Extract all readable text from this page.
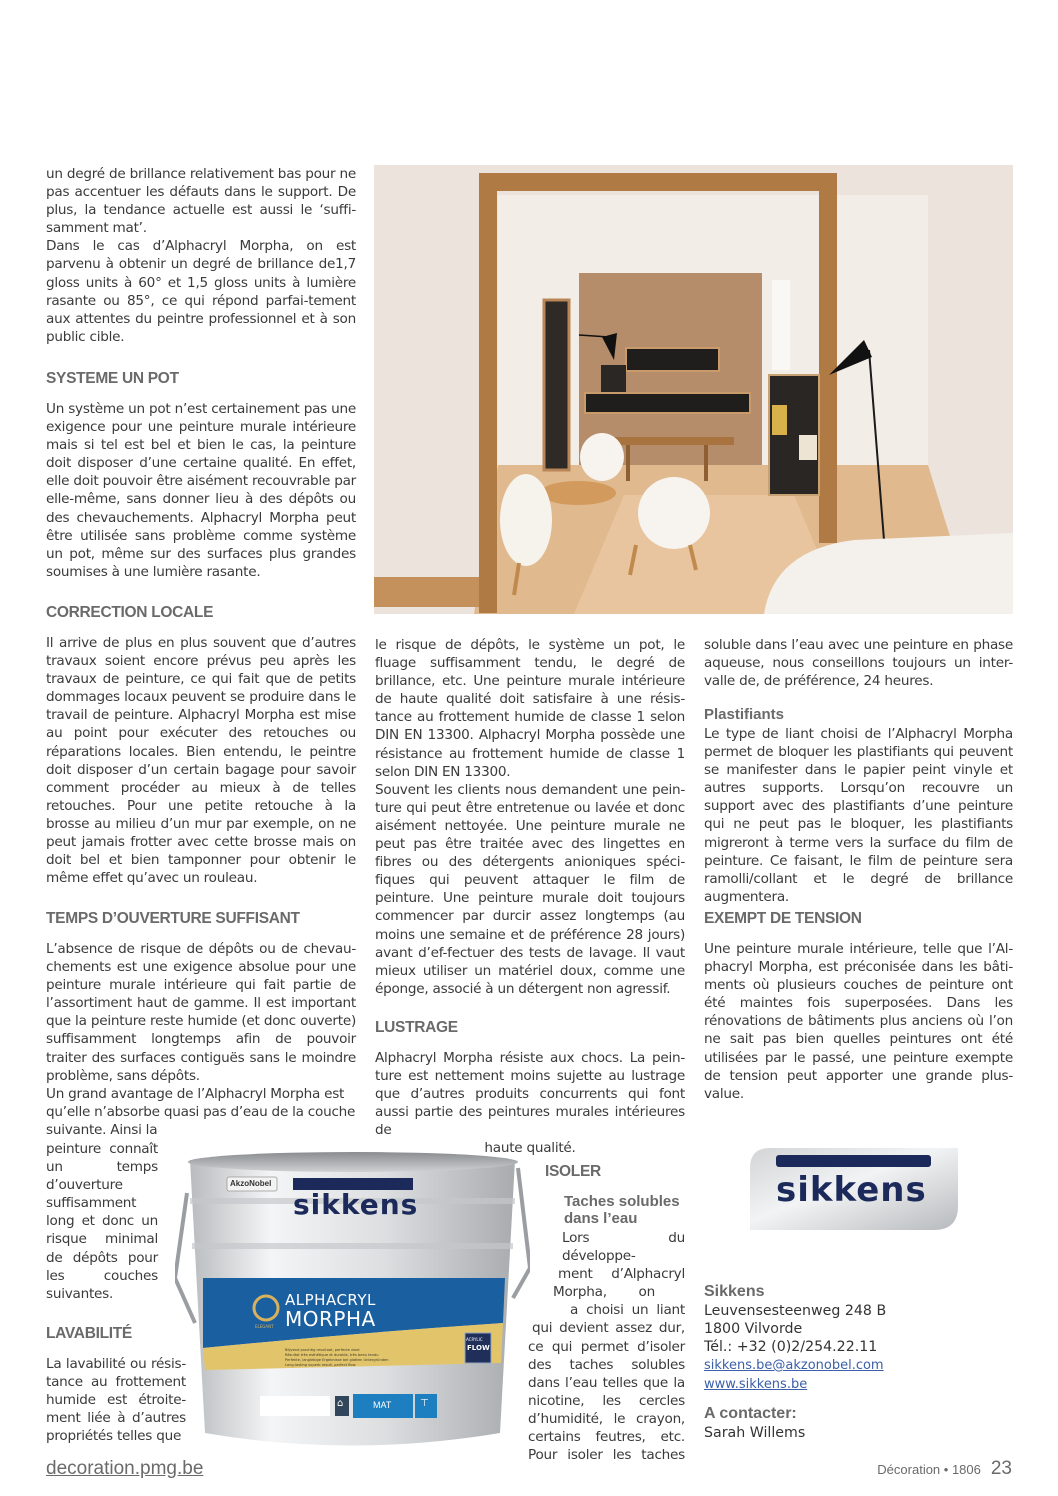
un degré de brillance relativement bas pour ne pas accentuer les défauts dans le support. De plus, la tendance actuelle est aussi le ‘suffi-samment mat’.

Dans le cas d’Alphacryl Morpha, on est parvenu à obtenir un degré de brillance de1,7 gloss units à 60° et 1,5 gloss units à lumière rasante ou 85°, ce qui répond parfai-tement aux attentes du peintre professionnel et à son public cible.

SYSTEME UN POT
Un système un pot n’est certainement pas une exigence pour une peinture murale intérieure mais si tel est bel et bien le cas, la peinture doit disposer d’une certaine qualité. En effet, elle doit pouvoir être aisément recouvrable par elle-même, sans donner lieu à des dépôts ou des chevauchements. Alphacryl Morpha peut être utilisée sans problème comme système un pot, même sur des surfaces plus grandes soumises à une lumière rasante.
CORRECTION LOCALE
Il arrive de plus en plus souvent que d’autres travaux soient encore prévus peu après les travaux de peinture, ce qui fait que de petits dommages locaux peuvent se produire dans le travail de peinture. Alphacryl Morpha est mise au point pour exécuter des retouches ou réparations locales. Bien entendu, le peintre doit disposer d’un certain bagage pour savoir comment procéder au mieux à de telles retouches. Pour une petite retouche à la brosse au milieu d’un mur par exemple, on ne peut jamais frotter avec cette brosse mais on doit bel et bien tamponner pour obtenir le même effet qu’avec un rouleau.
TEMPS D’OUVERTURE SUFFISANT

L’absence de risque de dépôts ou de chevau-chements est une exigence absolue pour une peinture murale intérieure qui fait partie de l’assortiment haut de gamme. Il est important que la peinture reste humide (et donc ouverte) suffisamment longtemps afin de pouvoir traiter des surfaces contiguës sans le moindre problème, sans dépôts.

Un grand avantage de l’Alphacryl Morpha est qu’elle n’absorbe quasi pas d’eau de la couche suivante. Ainsi la

peinture connaît un temps d’ouverture suffisamment long et donc un risque minimal de dépôts pour les couches suivantes.
LAVABILITÉ
La lavabilité ou résis-tance au frottement humide est étroite-ment liée à d’autres propriétés telles que

le risque de dépôts, le système un pot, le fluage suffisamment tendu, le degré de brillance, etc. Une peinture murale intérieure de haute qualité doit satisfaire à une résis-tance au frottement humide de classe 1 selon DIN EN 13300. Alphacryl Morpha possède une résistance au frottement humide de classe 1 selon DIN EN 13300.

Souvent les clients nous demandent une pein-ture qui peut être entretenue ou lavée et donc aisément nettoyée. Une peinture murale ne peut pas être traitée avec des lingettes en fibres ou des détergents anioniques spéci-fiques qui peuvent attaquer le film de peinture. Une peinture murale doit toujours commencer par durcir assez longtemps (au moins une semaine et de préférence 28 jours) avant d’ef-fectuer des tests de lavage. Il vaut mieux utiliser un matériel doux, comme une éponge, associé à un détergent non agressif.

LUSTRAGE

Alphacryl Morpha résiste aux chocs. La pein-ture est nettement moins sujette au lustrage que d’autres produits concurrents qui font aussi partie des peintures murales intérieures de

haute qualité.

ISOLER
Taches solubles
dans l’eau
Lors du développe-
ment d’Alphacryl
Morpha, on
a choisi un liant
qui devient assez dur,
ce qui permet d’isoler
des taches solubles
dans l’eau telles que la
nicotine, les cercles
d’humidité, le crayon,
certains feutres, etc.
Pour isoler les taches
AkzoNobel
sikkens
ALPHACRYL
MORPHA
ELEGANT
ACRYLIC
FLOW
Blijvend prachtig resultaat, perfecte vloei
Résultat très esthétique et durable, très beau tendu
Perfekte, langlebige Ergebnisse bei glatten Untergründen
Long-lasting superb result, perfect flow
MAT
⌂	⊤
soluble dans l’eau avec une peinture en phase aqueuse, nous conseillons toujours un inter-valle de, de préférence, 24 heures.
Plastifiants
Le type de liant choisi de l’Alphacryl Morpha permet de bloquer les plastifiants qui peuvent se manifester dans le papier peint vinyle et autres supports. Lorsqu’on recouvre un support avec des plastifiants d’une peinture qui ne peut pas le bloquer, les plastifiants migreront à terme vers la surface du film de peinture. Ce faisant, le film de peinture sera ramolli/collant et le degré de brillance augmentera.
EXEMPT DE TENSION
Une peinture murale intérieure, telle que l’Al-phacryl Morpha, est préconisée dans les bâti-ments où plusieurs couches de peinture ont été maintes fois superposées. Dans les rénovations de bâtiments plus anciens où l’on ne sait pas bien quelles peintures ont été utilisées par le passé, une peinture exempte de tension peut apporter une grande plus-value.
sikkens
Sikkens
Leuvensesteenweg 248 B
1800 Vilvorde
Tél.: +32 (0)2/254.22.11
sikkens.be@akzonobel.com
www.sikkens.be
A contacter:
Sarah Willems
decoration.pmg.be	Décoration • 1806 23
